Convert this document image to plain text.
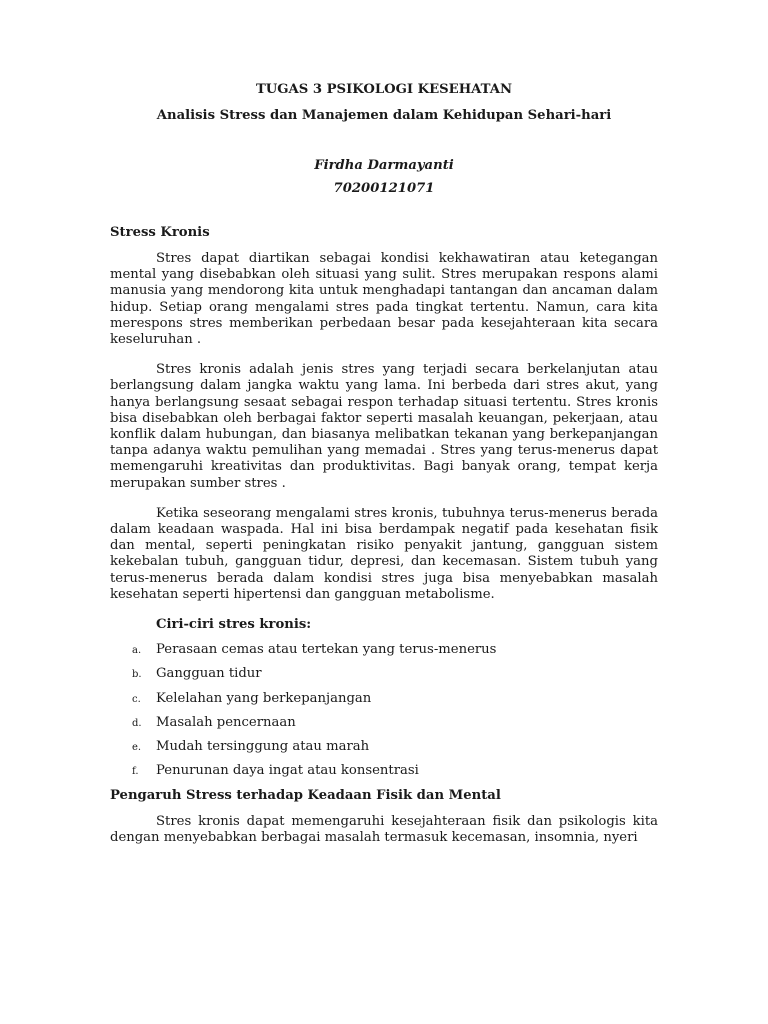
TUGAS 3 PSIKOLOGI KESEHATAN
Analisis Stress dan Manajemen dalam Kehidupan Sehari-hari
Firdha Darmayanti
70200121071
Stress Kronis

Stres dapat diartikan sebagai kondisi kekhawatiran atau ketegangan mental yang disebabkan oleh situasi yang sulit. Stres merupakan respons alami manusia yang mendorong kita untuk menghadapi tantangan dan ancaman dalam hidup. Setiap orang mengalami stres pada tingkat tertentu. Namun, cara kita merespons stres memberikan perbedaan besar pada kesejahteraan kita secara keseluruhan .

Stres kronis adalah jenis stres yang terjadi secara berkelanjutan atau berlangsung dalam jangka waktu yang lama. Ini berbeda dari stres akut, yang hanya berlangsung sesaat sebagai respon terhadap situasi tertentu. Stres kronis bisa disebabkan oleh berbagai faktor seperti masalah keuangan, pekerjaan, atau konflik dalam hubungan, dan biasanya melibatkan tekanan yang berkepanjangan tanpa adanya waktu pemulihan yang memadai . Stres yang terus-menerus dapat memengaruhi kreativitas dan produktivitas. Bagi banyak orang, tempat kerja merupakan sumber stres .

Ketika seseorang mengalami stres kronis, tubuhnya terus-menerus berada dalam keadaan waspada. Hal ini bisa berdampak negatif pada kesehatan fisik dan mental, seperti peningkatan risiko penyakit jantung, gangguan sistem kekebalan tubuh, gangguan tidur, depresi, dan kecemasan. Sistem tubuh yang terus-menerus berada dalam kondisi stres juga bisa menyebabkan masalah kesehatan seperti hipertensi dan gangguan metabolisme.

Ciri-ciri stres kronis:
a. Perasaan cemas atau tertekan yang terus-menerus
b. Gangguan tidur
c. Kelelahan yang berkepanjangan
d. Masalah pencernaan
e. Mudah tersinggung atau marah
f. Penurunan daya ingat atau konsentrasi
Pengaruh Stress terhadap Keadaan Fisik dan Mental

Stres kronis dapat memengaruhi kesejahteraan fisik dan psikologis kita dengan menyebabkan berbagai masalah termasuk kecemasan, insomnia, nyeri
